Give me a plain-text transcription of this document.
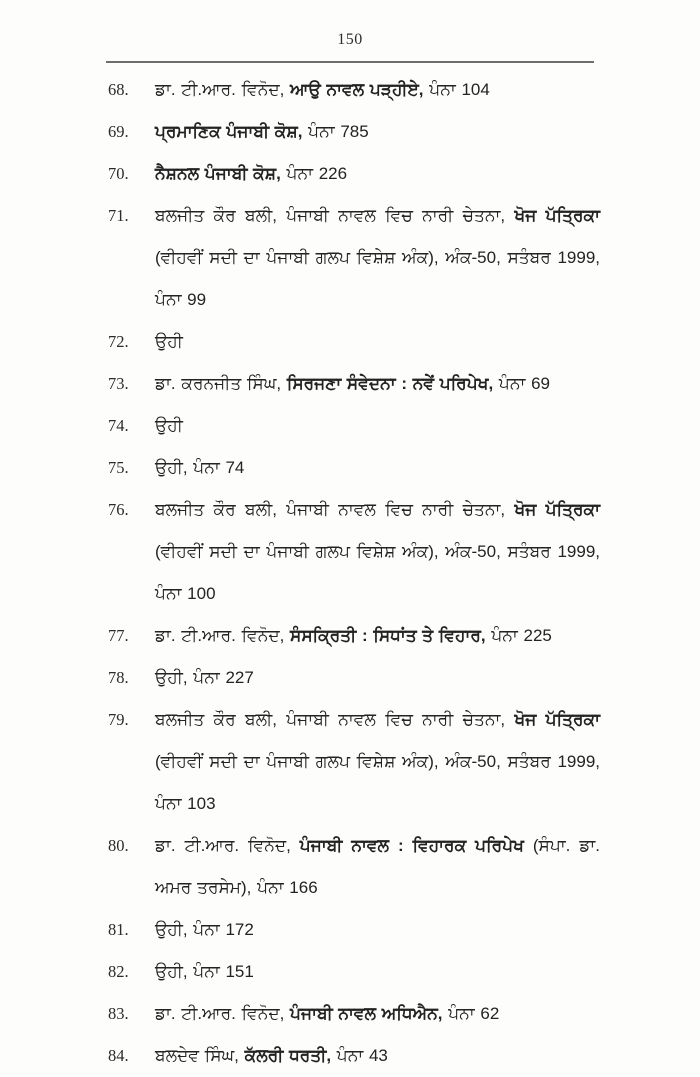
150
68.	ਡਾ. ਟੀ.ਆਰ. ਵਿਨੋਦ, ਆਉ ਨਾਵਲ ਪੜ੍ਹੀਏ, ਪੰਨਾ 104

69.	ਪ੍ਰਮਾਣਿਕ ਪੰਜਾਬੀ ਕੋਸ਼, ਪੰਨਾ 785

70.	ਨੈਸ਼ਨਲ ਪੰਜਾਬੀ ਕੋਸ਼, ਪੰਨਾ 226

71.	ਬਲਜੀਤ ਕੌਰ ਬਲੀ, ਪੰਜਾਬੀ ਨਾਵਲ ਵਿਚ ਨਾਰੀ ਚੇਤਨਾ, ਖੋਜ ਪੱਤ੍ਰਿਕਾ (ਵੀਹਵੀਂ ਸਦੀ ਦਾ ਪੰਜਾਬੀ ਗਲਪ ਵਿਸ਼ੇਸ਼ ਅੰਕ), ਅੰਕ-50, ਸਤੰਬਰ 1999, ਪੰਨਾ 99

72.	ਉਹੀ

73.	ਡਾ. ਕਰਨਜੀਤ ਸਿੰਘ, ਸਿਰਜਣਾ ਸੰਵੇਦਨਾ : ਨਵੇਂ ਪਰਿਪੇਖ, ਪੰਨਾ 69

74.	ਉਹੀ

75.	ਉਹੀ, ਪੰਨਾ 74

76.	ਬਲਜੀਤ ਕੌਰ ਬਲੀ, ਪੰਜਾਬੀ ਨਾਵਲ ਵਿਚ ਨਾਰੀ ਚੇਤਨਾ, ਖੋਜ ਪੱਤ੍ਰਿਕਾ (ਵੀਹਵੀਂ ਸਦੀ ਦਾ ਪੰਜਾਬੀ ਗਲਪ ਵਿਸ਼ੇਸ਼ ਅੰਕ), ਅੰਕ-50, ਸਤੰਬਰ 1999, ਪੰਨਾ 100

77.	ਡਾ. ਟੀ.ਆਰ. ਵਿਨੋਦ, ਸੰਸਕ੍ਰਿਤੀ : ਸਿਧਾਂਤ ਤੇ ਵਿਹਾਰ, ਪੰਨਾ 225

78.	ਉਹੀ, ਪੰਨਾ 227

79.	ਬਲਜੀਤ ਕੌਰ ਬਲੀ, ਪੰਜਾਬੀ ਨਾਵਲ ਵਿਚ ਨਾਰੀ ਚੇਤਨਾ, ਖੋਜ ਪੱਤ੍ਰਿਕਾ (ਵੀਹਵੀਂ ਸਦੀ ਦਾ ਪੰਜਾਬੀ ਗਲਪ ਵਿਸ਼ੇਸ਼ ਅੰਕ), ਅੰਕ-50, ਸਤੰਬਰ 1999, ਪੰਨਾ 103

80.	ਡਾ. ਟੀ.ਆਰ. ਵਿਨੋਦ, ਪੰਜਾਬੀ ਨਾਵਲ : ਵਿਹਾਰਕ ਪਰਿਪੇਖ (ਸੰਪਾ. ਡਾ. ਅਮਰ ਤਰਸੇਮ), ਪੰਨਾ 166

81.	ਉਹੀ, ਪੰਨਾ 172

82.	ਉਹੀ, ਪੰਨਾ 151

83.	ਡਾ. ਟੀ.ਆਰ. ਵਿਨੋਦ, ਪੰਜਾਬੀ ਨਾਵਲ ਅਧਿਐਨ, ਪੰਨਾ 62

84.	ਬਲਦੇਵ ਸਿੰਘ, ਕੱਲਰੀ ਧਰਤੀ, ਪੰਨਾ 43
